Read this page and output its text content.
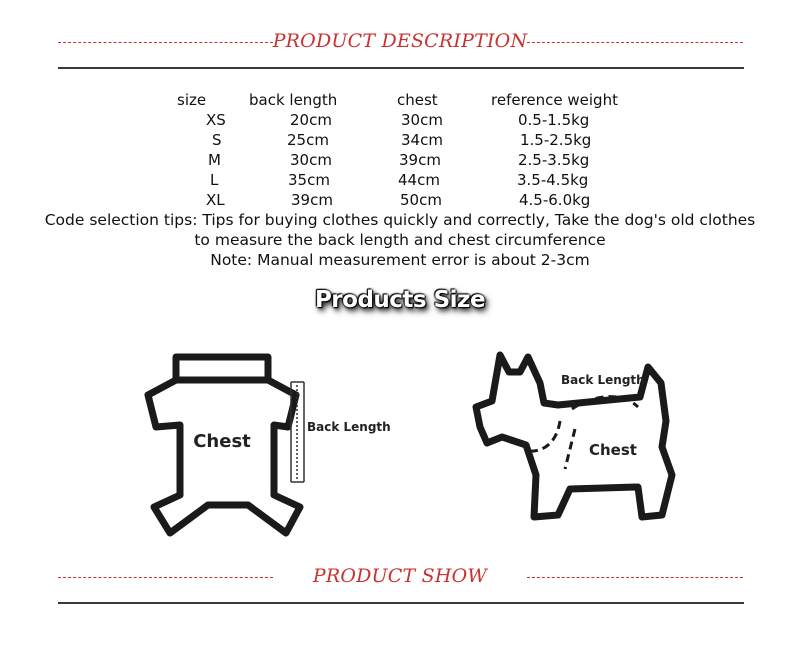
PRODUCT DESCRIPTION
size	back length	chest	reference weight
XS	20cm	30cm	0.5-1.5kg
S	25cm	34cm	1.5-2.5kg
M	30cm	39cm	2.5-3.5kg
L	35cm	44cm	3.5-4.5kg
XL	39cm	50cm	4.5-6.0kg
Code selection tips: Tips for buying clothes quickly and correctly, Take the dog's old clothes
to measure the back length and chest circumference
Note: Manual measurement error is about 2-3cm
Products Size
Chest
Back Length
Back Length
Chest
PRODUCT SHOW
